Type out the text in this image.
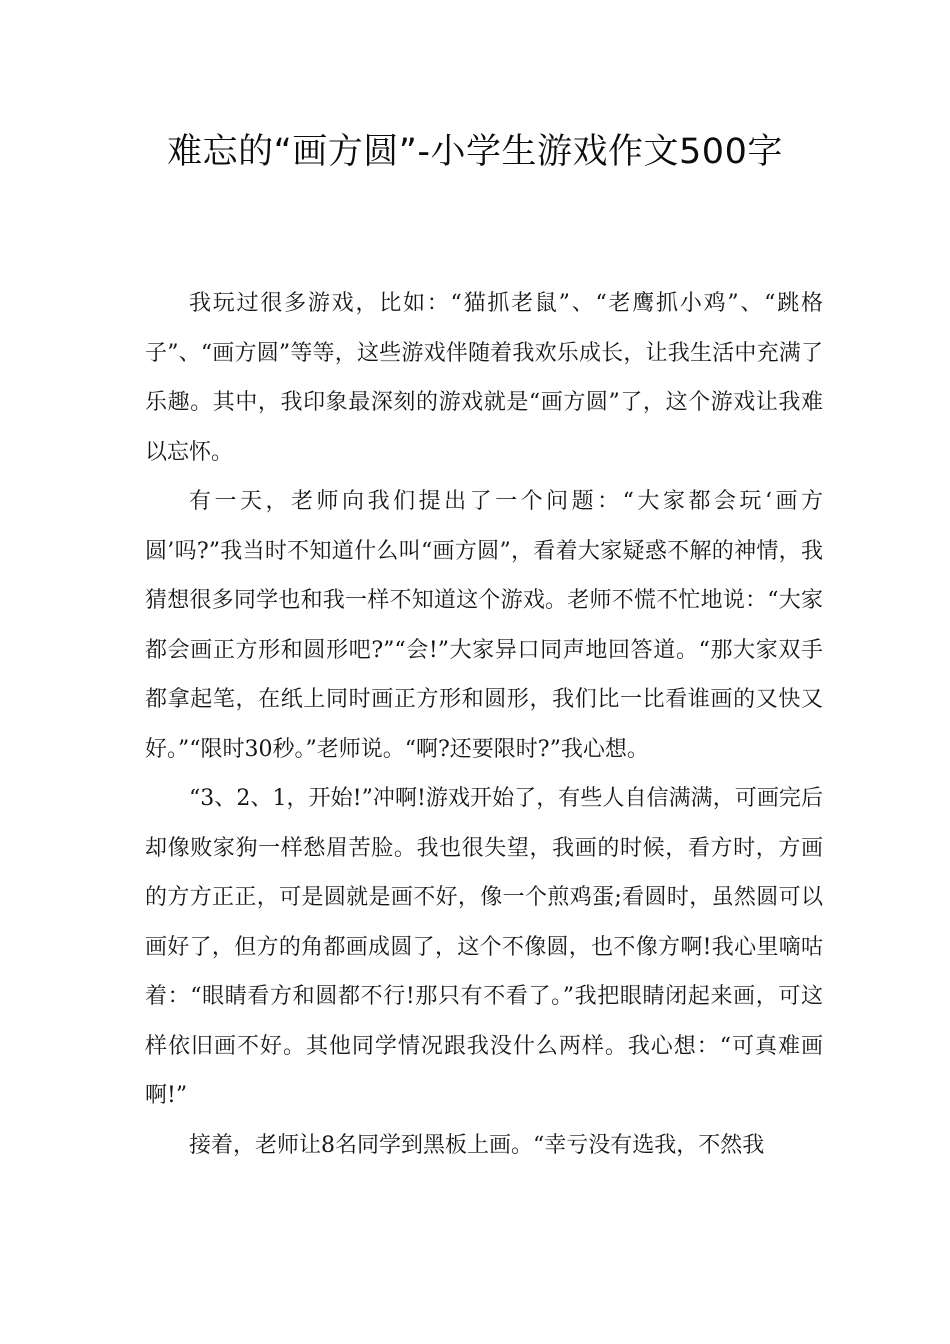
难忘的“画方圆”-小学生游戏作文500字

我玩过很多游戏，比如：“猫抓老鼠”、“老鹰抓小鸡”、“跳格子”、“画方圆”等等，这些游戏伴随着我欢乐成长，让我生活中充满了乐趣。其中，我印象最深刻的游戏就是“画方圆”了，这个游戏让我难以忘怀。

有一天，老师向我们提出了一个问题：“大家都会玩‘画方圆’吗?”我当时不知道什么叫“画方圆”，看着大家疑惑不解的神情，我猜想很多同学也和我一样不知道这个游戏。老师不慌不忙地说：“大家都会画正方形和圆形吧?”“会!”大家异口同声地回答道。“那大家双手都拿起笔，在纸上同时画正方形和圆形，我们比一比看谁画的又快又好。”“限时30秒。”老师说。“啊?还要限时?”我心想。

“3、2、1，开始!”冲啊!游戏开始了，有些人自信满满，可画完后却像败家狗一样愁眉苦脸。我也很失望，我画的时候，看方时，方画的方方正正，可是圆就是画不好，像一个煎鸡蛋;看圆时，虽然圆可以画好了，但方的角都画成圆了，这个不像圆，也不像方啊!我心里嘀咕着：“眼睛看方和圆都不行!那只有不看了。”我把眼睛闭起来画，可这样依旧画不好。其他同学情况跟我没什么两样。我心想：“可真难画啊!”

接着，老师让8名同学到黑板上画。“幸亏没有选我，不然我
